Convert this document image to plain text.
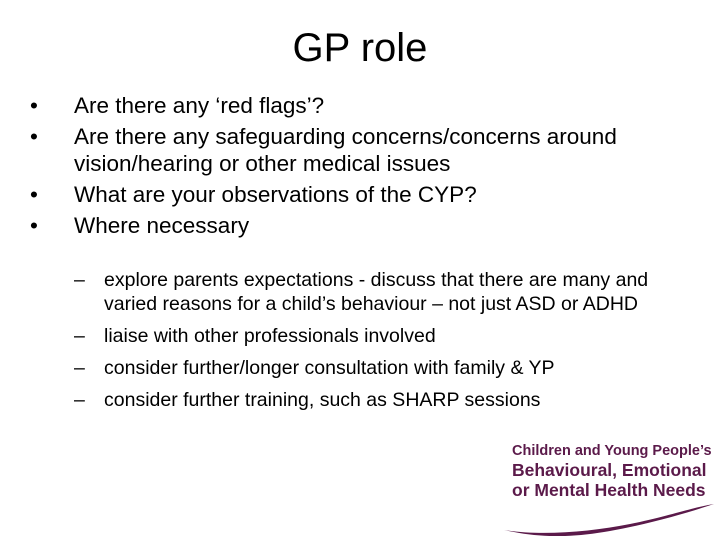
GP role
• Are there any ‘red flags’?
• Are there any safeguarding concerns/concerns around vision/hearing or other medical issues
• What are your observations of the CYP?
• Where necessary
– explore parents expectations - discuss that there are many and varied reasons for a child’s behaviour – not just ASD or ADHD
– liaise with other professionals involved
– consider further/longer consultation with family & YP
– consider further training, such as SHARP sessions
Children and Young People’s
Behavioural, Emotional
or Mental Health Needs
